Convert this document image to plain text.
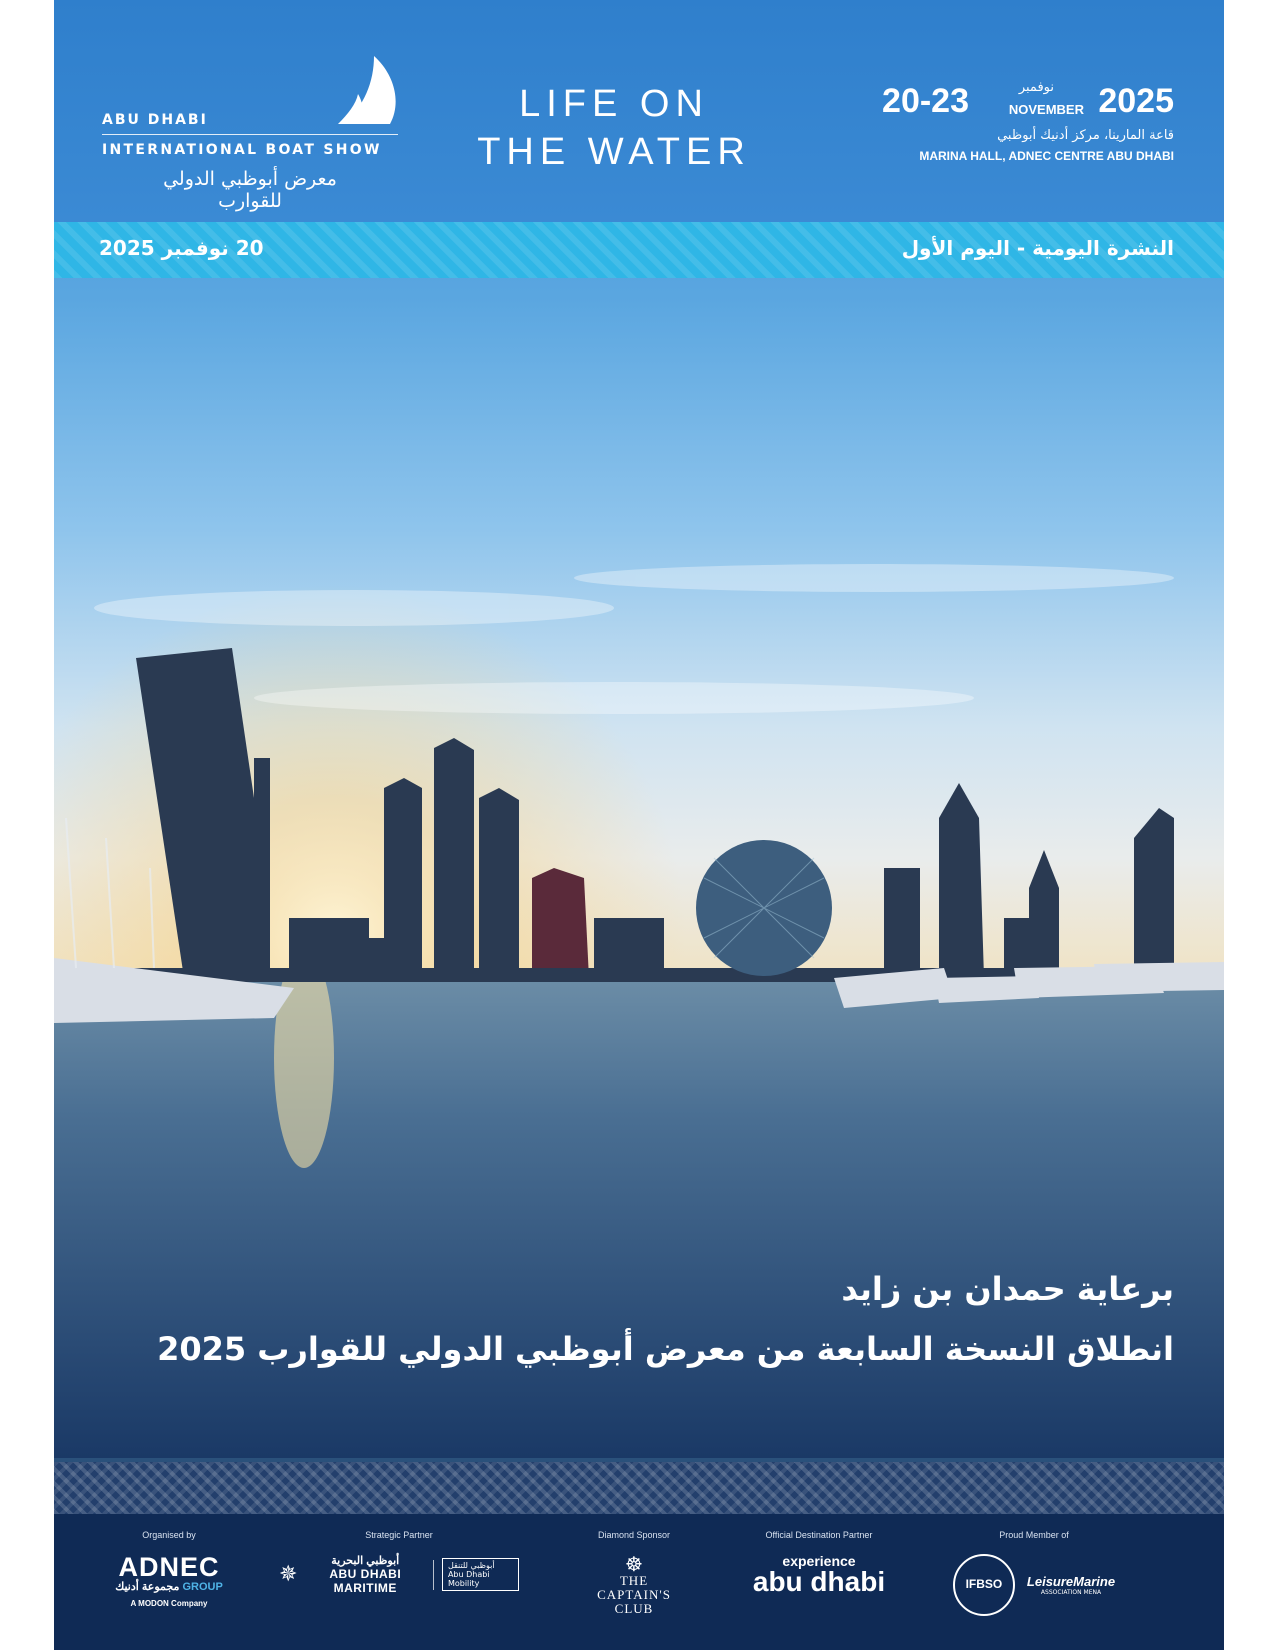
ABU DHABI
INTERNATIONAL BOAT SHOW
معرض أبوظبي الدولي للقوارب
LIFE ON
THE WATER
20-23	نوفمبر
NOVEMBER 2025
قاعة المارينا، مركز أدنيك أبوظبي
MARINA HALL, ADNEC CENTRE ABU DHABI
20 نوفمبر 2025	النشرة اليومية - اليوم الأول
برعاية حمدان بن زايد
انطلاق النسخة السابعة من معرض أبوظبي الدولي للقوارب 2025
Organised by
ADNEC
مجموعة أدنيك GROUP
A MODON Company
Strategic Partner
✵
أبوظبي البحرية
ABU DHABI MARITIME
أبوظبي للتنقل
Abu Dhabi Mobility
Diamond Sponsor
☸
THE
CAPTAIN'S
CLUB
Official Destination Partner
experience
abu dhabi
Proud Member of
IFBSO	LeisureMarine
ASSOCIATION MENA
